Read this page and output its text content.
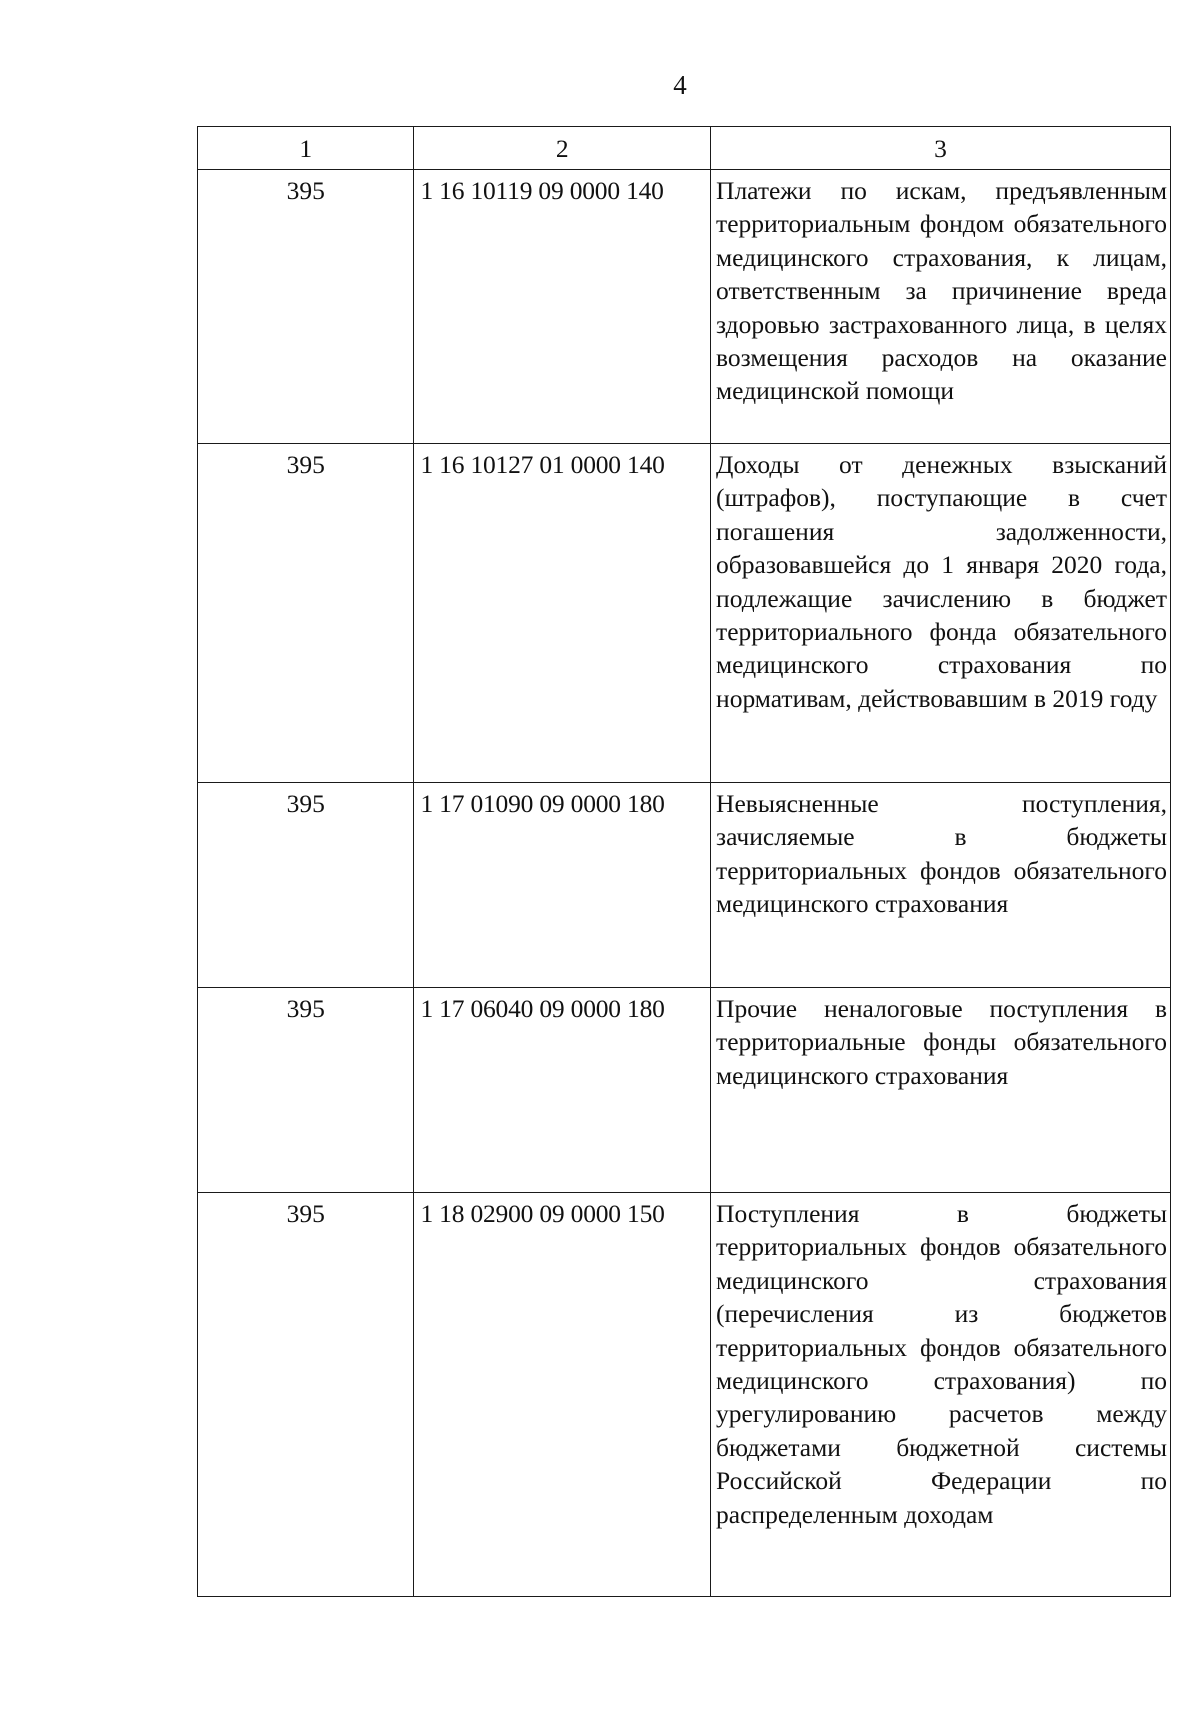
4
1	2	3
395	1 16 10119 09 0000 140	Платежи по искам, предъявленным территориальным фондом обязательного медицинского страхования, к лицам, ответственным за причинение вреда здоровью застрахованного лица, в целях возмещения расходов на оказание медицинской помощи
395	1 16 10127 01 0000 140	Доходы от денежных взысканий (штрафов), поступающие в счет погашения задолженности, образовавшейся до 1 января 2020 года, подлежащие зачислению в бюджет территориального фонда обязательного медицинского страхования по нормативам, действовавшим в 2019 году
395	1 17 01090 09 0000 180	Невыясненные поступления, зачисляемые в бюджеты территориальных фондов обязательного медицинского страхования
395	1 17 06040 09 0000 180	Прочие неналоговые поступления в территориальные фонды обязательного медицинского страхования
395	1 18 02900 09 0000 150	Поступления в бюджеты территориальных фондов обязательного медицинского страхования (перечисления из бюджетов территориальных фондов обязательного медицинского страхования) по урегулированию расчетов между бюджетами бюджетной системы Российской Федерации по распределенным доходам
